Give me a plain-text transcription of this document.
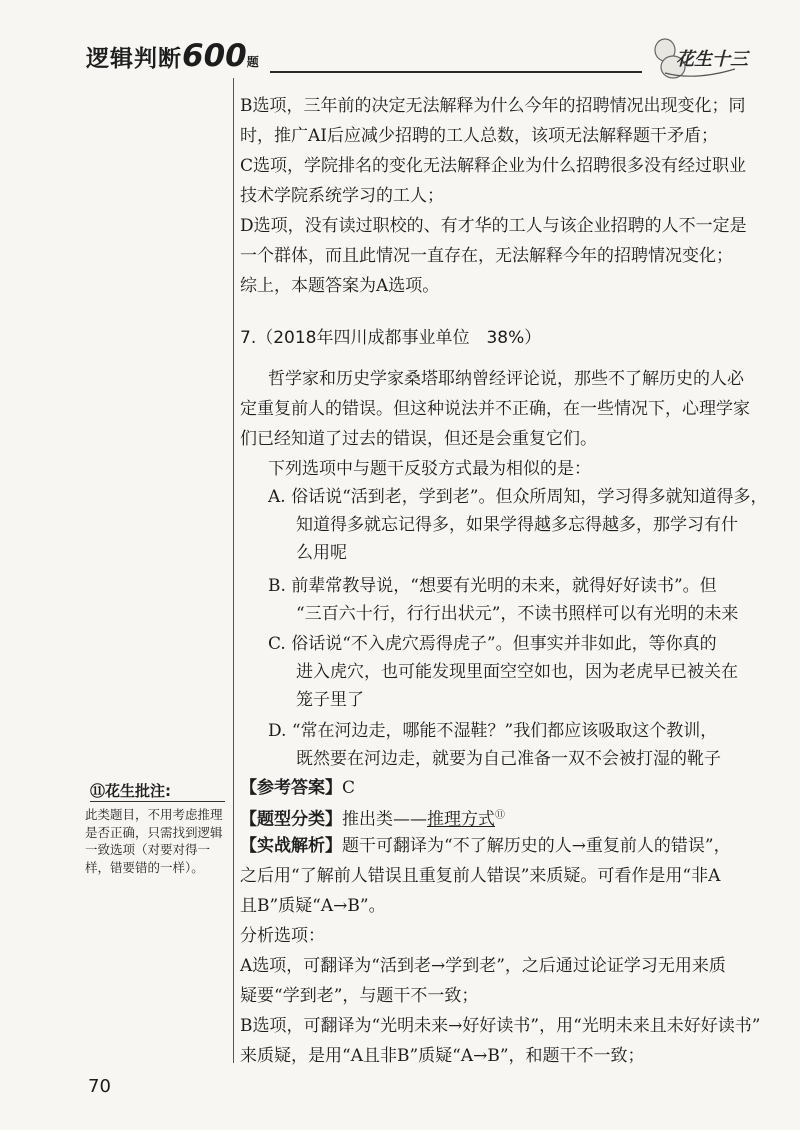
逻辑判断600题	花生十三
B选项，三年前的决定无法解释为什么今年的招聘情况出现变化；同
时，推广AI后应减少招聘的工人总数，该项无法解释题干矛盾；
C选项，学院排名的变化无法解释企业为什么招聘很多没有经过职业
技术学院系统学习的工人；
D选项，没有读过职校的、有才华的工人与该企业招聘的人不一定是
一个群体，而且此情况一直存在，无法解释今年的招聘情况变化；
综上，本题答案为A选项。
7.（2018年四川成都事业单位　38%）
哲学家和历史学家桑塔耶纳曾经评论说，那些不了解历史的人必
定重复前人的错误。但这种说法并不正确，在一些情况下，心理学家
们已经知道了过去的错误，但还是会重复它们。
下列选项中与题干反驳方式最为相似的是：
A. 俗话说“活到老，学到老”。但众所周知，学习得多就知道得多，
知道得多就忘记得多，如果学得越多忘得越多，那学习有什
么用呢
B. 前辈常教导说，“想要有光明的未来，就得好好读书”。但
“三百六十行，行行出状元”，不读书照样可以有光明的未来
C. 俗话说“不入虎穴焉得虎子”。但事实并非如此，等你真的
进入虎穴，也可能发现里面空空如也，因为老虎早已被关在
笼子里了
D. “常在河边走，哪能不湿鞋？”我们都应该吸取这个教训，
既然要在河边走，就要为自己准备一双不会被打湿的靴子
【参考答案】C
【题型分类】推出类——推理方式⑪
【实战解析】题干可翻译为“不了解历史的人→重复前人的错误”，
之后用“了解前人错误且重复前人错误”来质疑。可看作是用“非A
且B”质疑“A→B”。
分析选项：
A选项，可翻译为“活到老→学到老”，之后通过论证学习无用来质
疑要“学到老”，与题干不一致；
B选项，可翻译为“光明未来→好好读书”，用“光明未来且未好好读书”
来质疑，是用“A且非B”质疑“A→B”，和题干不一致；
⑪花生批注:
此类题目，不用考虑推理是否正确，只需找到逻辑一致选项（对要对得一样，错要错的一样）。
70
